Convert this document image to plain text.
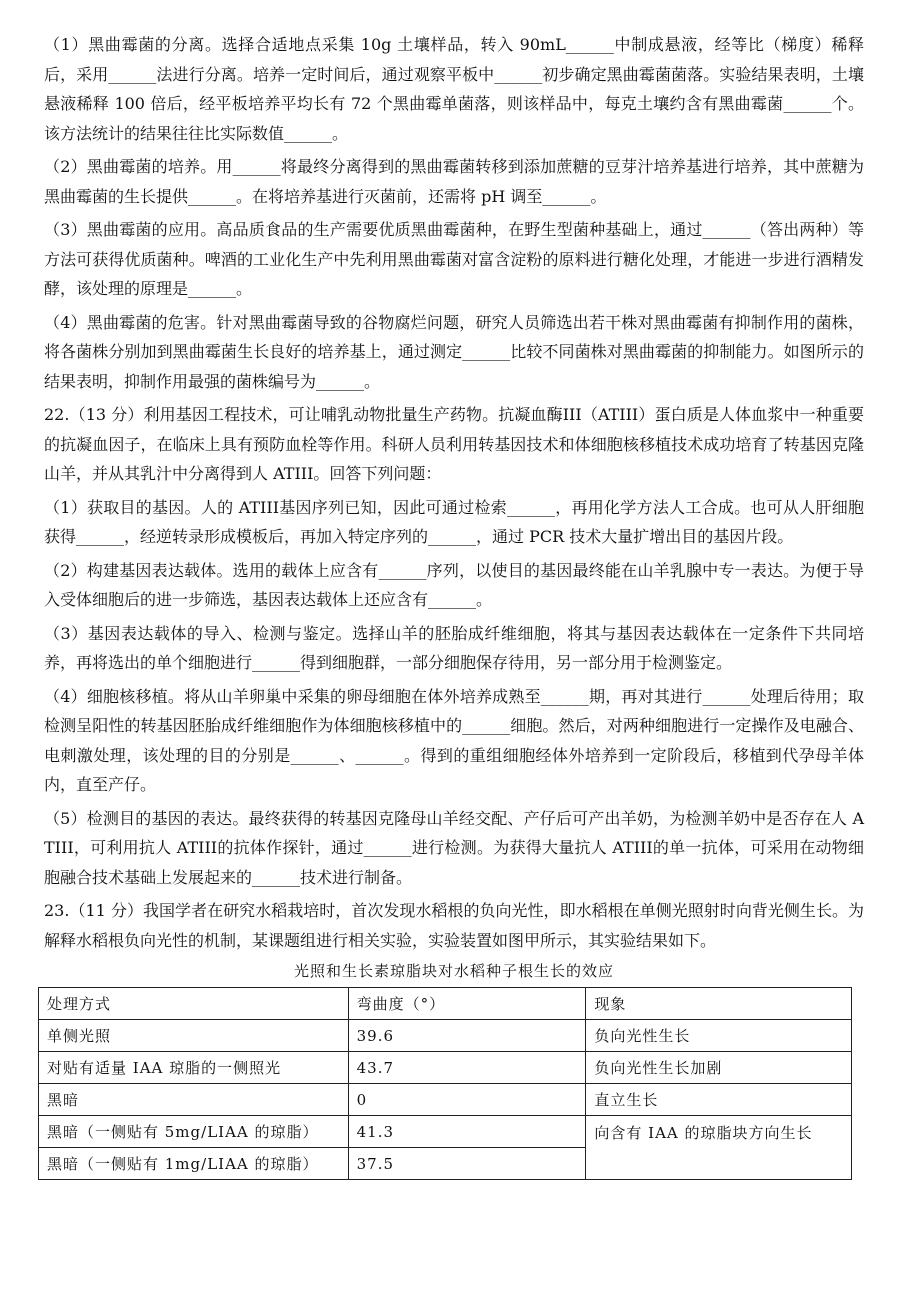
（1）黑曲霉菌的分离。选择合适地点采集 10g 土壤样品，转入 90mL______中制成悬液，经等比（梯度）稀释后，采用______法进行分离。培养一定时间后，通过观察平板中______初步确定黑曲霉菌菌落。实验结果表明，土壤悬液稀释 100 倍后，经平板培养平均长有 72 个黑曲霉单菌落，则该样品中，每克土壤约含有黑曲霉菌______个。该方法统计的结果往往比实际数值______。

（2）黑曲霉菌的培养。用______将最终分离得到的黑曲霉菌转移到添加蔗糖的豆芽汁培养基进行培养，其中蔗糖为黑曲霉菌的生长提供______。在将培养基进行灭菌前，还需将 pH 调至______。

（3）黑曲霉菌的应用。高品质食品的生产需要优质黑曲霉菌种，在野生型菌种基础上，通过______（答出两种）等方法可获得优质菌种。啤酒的工业化生产中先利用黑曲霉菌对富含淀粉的原料进行糖化处理，才能进一步进行酒精发酵，该处理的原理是______。

（4）黑曲霉菌的危害。针对黑曲霉菌导致的谷物腐烂问题，研究人员筛选出若干株对黑曲霉菌有抑制作用的菌株，将各菌株分别加到黑曲霉菌生长良好的培养基上，通过测定______比较不同菌株对黑曲霉菌的抑制能力。如图所示的结果表明，抑制作用最强的菌株编号为______。

22.（13 分）利用基因工程技术，可让哺乳动物批量生产药物。抗凝血酶III（ATIII）蛋白质是人体血浆中一种重要的抗凝血因子，在临床上具有预防血栓等作用。科研人员利用转基因技术和体细胞核移植技术成功培育了转基因克隆山羊，并从其乳汁中分离得到人 ATIII。回答下列问题：

（1）获取目的基因。人的 ATIII基因序列已知，因此可通过检索______，再用化学方法人工合成。也可从人肝细胞获得______，经逆转录形成模板后，再加入特定序列的______，通过 PCR 技术大量扩增出目的基因片段。

（2）构建基因表达载体。选用的载体上应含有______序列，以使目的基因最终能在山羊乳腺中专一表达。为便于导入受体细胞后的进一步筛选，基因表达载体上还应含有______。

（3）基因表达载体的导入、检测与鉴定。选择山羊的胚胎成纤维细胞，将其与基因表达载体在一定条件下共同培养，再将选出的单个细胞进行______得到细胞群，一部分细胞保存待用，另一部分用于检测鉴定。

（4）细胞核移植。将从山羊卵巢中采集的卵母细胞在体外培养成熟至______期，再对其进行______处理后待用；取检测呈阳性的转基因胚胎成纤维细胞作为体细胞核移植中的______细胞。然后，对两种细胞进行一定操作及电融合、电刺激处理，该处理的目的分别是______、______。得到的重组细胞经体外培养到一定阶段后，移植到代孕母羊体内，直至产仔。

（5）检测目的基因的表达。最终获得的转基因克隆母山羊经交配、产仔后可产出羊奶，为检测羊奶中是否存在人 ATIII，可利用抗人 ATIII的抗体作探针，通过______进行检测。为获得大量抗人 ATIII的单一抗体，可采用在动物细胞融合技术基础上发展起来的______技术进行制备。

23.（11 分）我国学者在研究水稻栽培时，首次发现水稻根的负向光性，即水稻根在单侧光照射时向背光侧生长。为解释水稻根负向光性的机制，某课题组进行相关实验，实验装置如图甲所示，其实验结果如下。

光照和生长素琼脂块对水稻种子根生长的效应
处理方式	弯曲度（°）	现象
单侧光照	39.6	负向光性生长
对贴有适量 IAA 琼脂的一侧照光	43.7	负向光性生长加剧
黑暗	0	直立生长
黑暗（一侧贴有 5mg/LIAA 的琼脂）	41.3	向含有 IAA 的琼脂块方向生长
黑暗（一侧贴有 1mg/LIAA 的琼脂）	37.5	
